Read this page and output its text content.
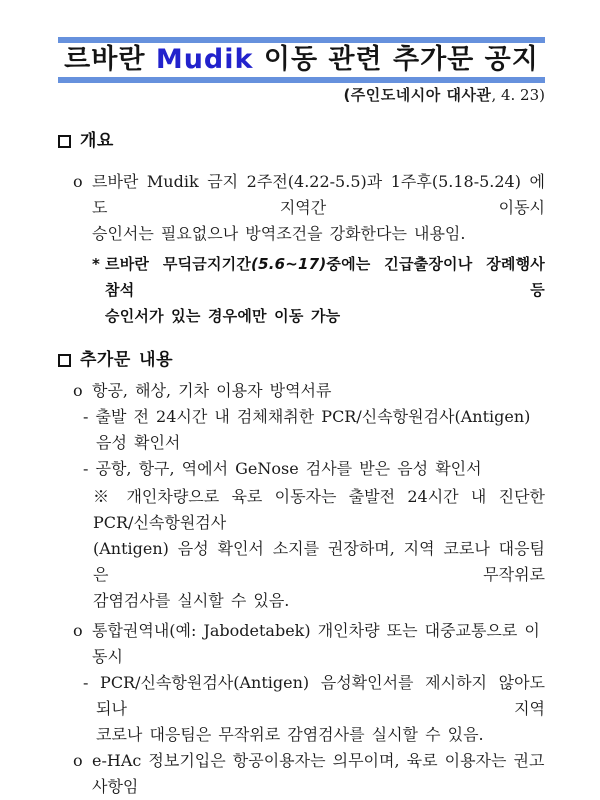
르바란 Mudik 이동 관련 추가문 공지
(주인도네시아 대사관, 4. 23)
개요
o 르바란 Mudik 금지 2주전(4.22-5.5)과 1주후(5.18-5.24) 에도 지역간 이동시
승인서는 필요없으나 방역조건을 강화한다는 내용임.
* 르바란 무딕금지기간(5.6~17)중에는 긴급출장이나 장례행사 참석 등
승인서가 있는 경우에만 이동 가능
추가문 내용
o 항공, 해상, 기차 이용자 방역서류
- 출발 전 24시간 내 검체채취한 PCR/신속항원검사(Antigen) 음성 확인서
- 공항, 항구, 역에서 GeNose 검사를 받은 음성 확인서
※ 개인차량으로 육로 이동자는 출발전 24시간 내 진단한 PCR/신속항원검사
(Antigen) 음성 확인서 소지를 권장하며, 지역 코로나 대응팀은 무작위로
감염검사를 실시할 수 있음.
o 통합권역내(예: Jabodetabek) 개인차량 또는 대중교통으로 이동시
- PCR/신속항원검사(Antigen) 음성확인서를 제시하지 않아도 되나 지역
코로나 대응팀은 무작위로 감염검사를 실시할 수 있음.
o e-HAc 정보기입은 항공이용자는 의무이며, 육로 이용자는 권고사항임
